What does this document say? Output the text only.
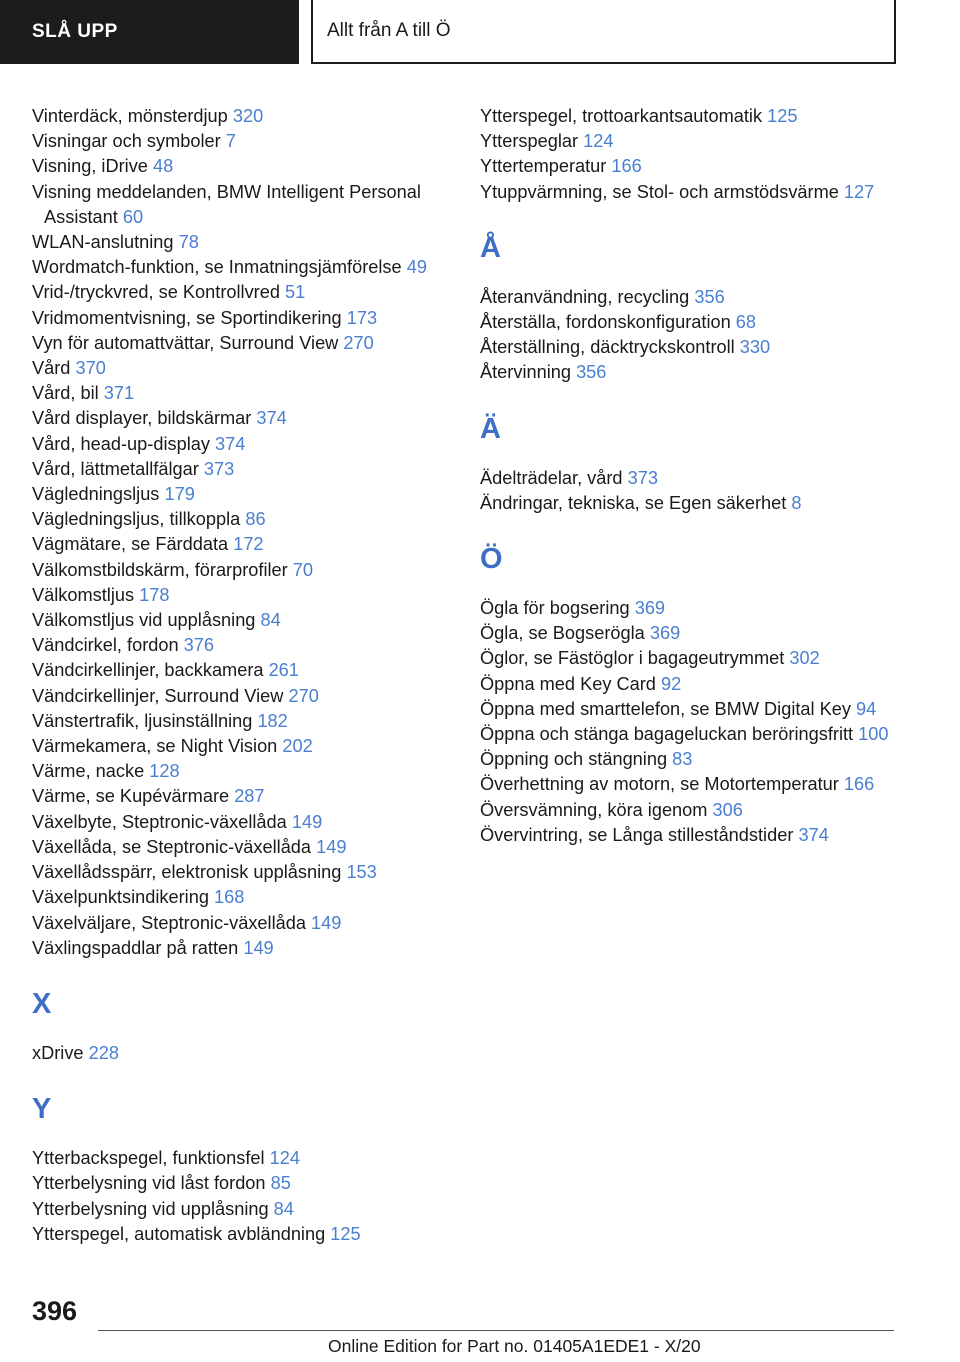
SLÅ UPP	Allt från A till Ö
Vinterdäck, mönsterdjup 320
Visningar och symboler 7
Visning, iDrive 48
Visning meddelanden, BMW Intelligent Personal Assistant 60
WLAN-anslutning 78
Wordmatch-funktion, se Inmatningsjämförelse 49
Vrid-/tryckvred, se Kontrollvred 51
Vridmomentvisning, se Sportindikering 173
Vyn för automattvättar, Surround View 270
Vård 370
Vård, bil 371
Vård displayer, bildskärmar 374
Vård, head-up-display 374
Vård, lättmetallfälgar 373
Vägledningsljus 179
Vägledningsljus, tillkoppla 86
Vägmätare, se Färddata 172
Välkomstbildskärm, förarprofiler 70
Välkomstljus 178
Välkomstljus vid upplåsning 84
Vändcirkel, fordon 376
Vändcirkellinjer, backkamera 261
Vändcirkellinjer, Surround View 270
Vänstertrafik, ljusinställning 182
Värmekamera, se Night Vision 202
Värme, nacke 128
Värme, se Kupévärmare 287
Växelbyte, Steptronic-växellåda 149
Växellåda, se Steptronic-växellåda 149
Växellådsspärr, elektronisk upplåsning 153
Växelpunktsindikering 168
Växelväljare, Steptronic-växellåda 149
Växlingspaddlar på ratten 149
X
xDrive 228
Y
Ytterbackspegel, funktionsfel 124
Ytterbelysning vid låst fordon 85
Ytterbelysning vid upplåsning 84
Ytterspegel, automatisk avbländning 125
Ytterspegel, trottoarkantsautomatik 125
Ytterspeglar 124
Yttertemperatur 166
Ytuppvärmning, se Stol- och armstödsvärme 127
Å
Återanvändning, recycling 356
Återställa, fordonskonfiguration 68
Återställning, däcktryckskontroll 330
Återvinning 356
Ä
Ädelträdelar, vård 373
Ändringar, tekniska, se Egen säkerhet 8
Ö
Ögla för bogsering 369
Ögla, se Bogserögla 369
Öglor, se Fästöglor i bagageutrymmet 302
Öppna med Key Card 92
Öppna med smarttelefon, se BMW Digital Key 94
Öppna och stänga bagageluckan beröringsfritt 100
Öppning och stängning 83
Överhettning av motorn, se Motortemperatur 166
Översvämning, köra igenom 306
Övervintring, se Långa stilleståndstider 374
396
Online Edition for Part no. 01405A1EDE1 - X/20
